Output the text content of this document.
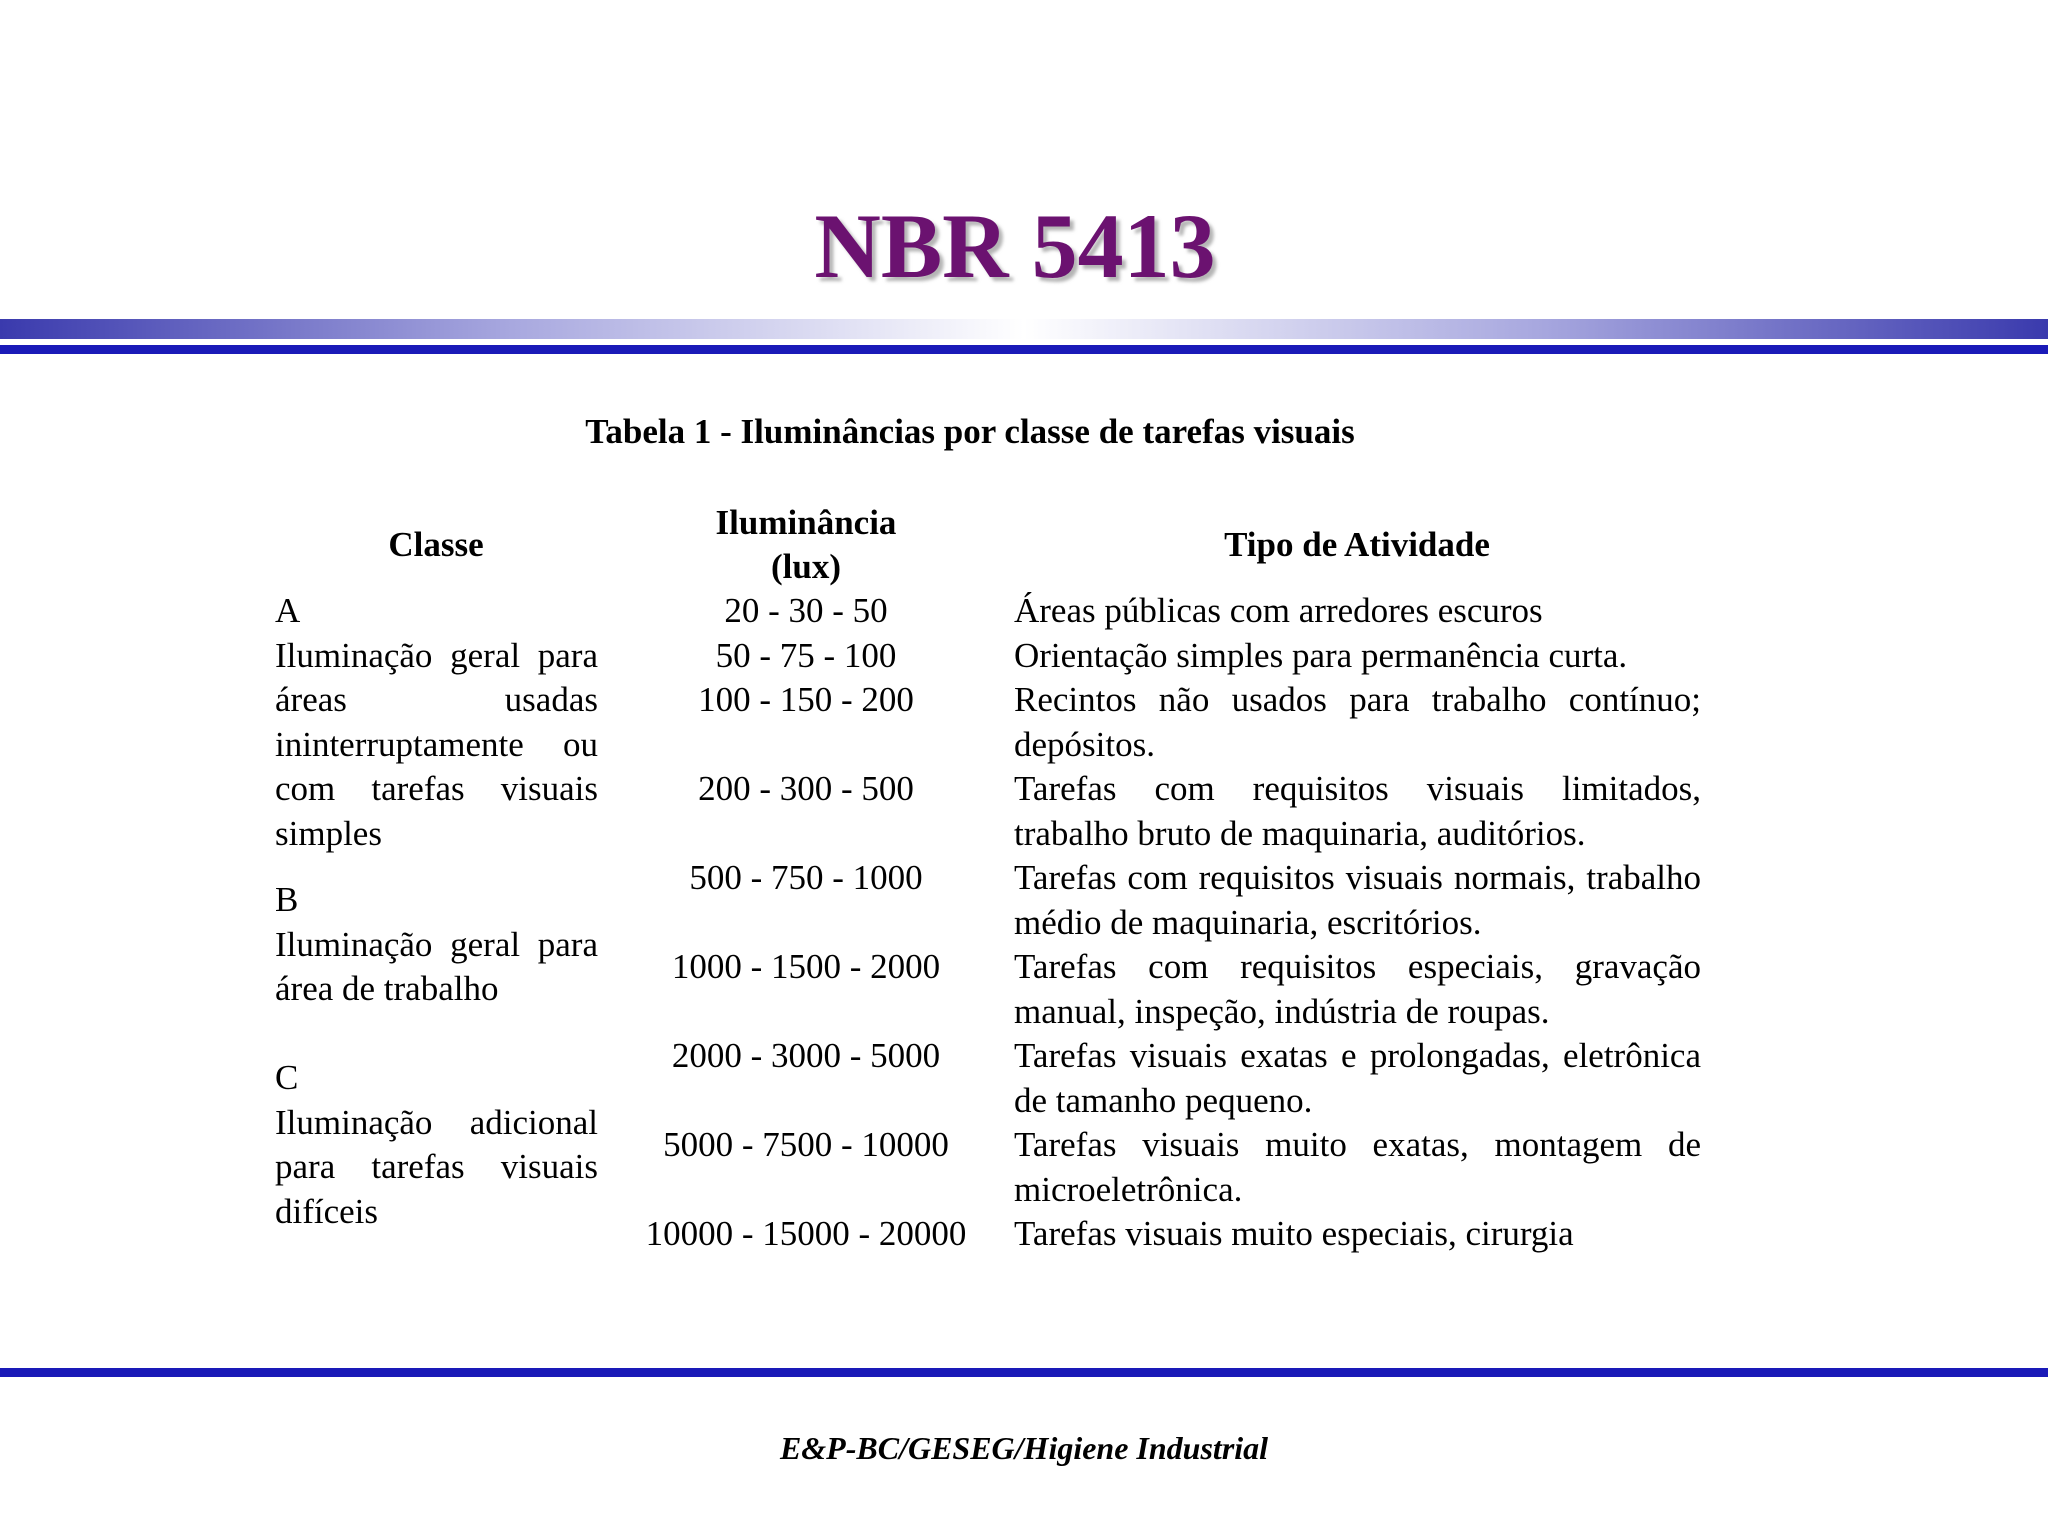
NBR 5413
Tabela 1 - Iluminâncias por classe de tarefas visuais
Classe
Iluminância
(lux)
Tipo de Atividade
A
Iluminação geral para áreas usadas ininterruptamente ou com tarefas visuais simples
B
Iluminação geral para área de trabalho
C
Iluminação adicional para tarefas visuais difíceis
20 - 30 - 50
50 - 75 - 100
100 - 150 - 200
200 - 300 - 500
500 - 750 - 1000
1000 - 1500 - 2000
2000 - 3000 - 5000
5000 - 7500 - 10000
10000 - 15000 - 20000
Áreas públicas com arredores escuros
Orientação simples para permanência curta.
Recintos não usados para trabalho contínuo; depósitos.
Tarefas com requisitos visuais limitados, trabalho bruto de maquinaria, auditórios.
Tarefas com requisitos visuais normais, trabalho médio de maquinaria, escritórios.
Tarefas com requisitos especiais, gravação manual, inspeção, indústria de roupas.
Tarefas visuais exatas e prolongadas, eletrônica de tamanho pequeno.
Tarefas visuais muito exatas, montagem de microeletrônica.
Tarefas visuais muito especiais, cirurgia
E&P-BC/GESEG/Higiene Industrial
